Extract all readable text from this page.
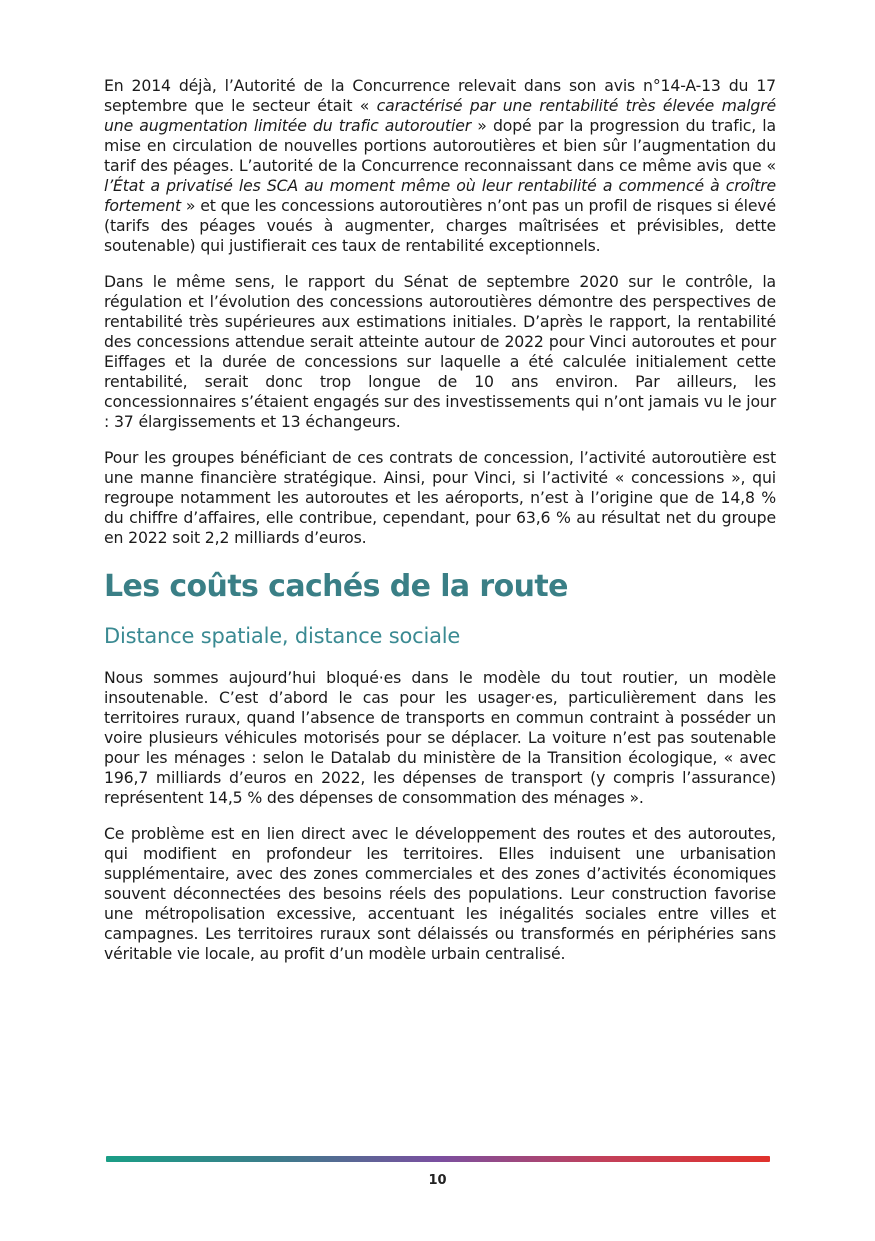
En 2014 déjà, l’Autorité de la Concurrence relevait dans son avis n°14-A-13 du 17 septembre que le secteur était « caractérisé par une rentabilité très élevée malgré une augmentation limitée du trafic autoroutier » dopé par la progression du trafic, la mise en circulation de nouvelles portions autoroutières et bien sûr l’augmentation du tarif des péages. L’autorité de la Concurrence reconnaissant dans ce même avis que « l’État a privatisé les SCA au moment même où leur rentabilité a commencé à croître fortement » et que les concessions autoroutières n’ont pas un profil de risques si élevé (tarifs des péages voués à augmenter, charges maîtrisées et prévisibles, dette soutenable) qui justifierait ces taux de rentabilité exceptionnels.

Dans le même sens, le rapport du Sénat de septembre 2020 sur le contrôle, la régulation et l’évolution des concessions autoroutières démontre des perspectives de rentabilité très supérieures aux estimations initiales. D’après le rapport, la rentabilité des concessions attendue serait atteinte autour de 2022 pour Vinci autoroutes et pour Eiffages et la durée de concessions sur laquelle a été calculée initialement cette rentabilité, serait donc trop longue de 10 ans environ. Par ailleurs, les concessionnaires s’étaient engagés sur des investissements qui n’ont jamais vu le jour : 37 élargissements et 13 échangeurs.

Pour les groupes bénéficiant de ces contrats de concession, l’activité autoroutière est une manne financière stratégique. Ainsi, pour Vinci, si l’activité « concessions », qui regroupe notamment les autoroutes et les aéroports, n’est à l’origine que de 14,8 % du chiffre d’affaires, elle contribue, cependant, pour 63,6 % au résultat net du groupe en 2022 soit 2,2 milliards d’euros.

Les coûts cachés de la route
Distance spatiale, distance sociale

Nous sommes aujourd’hui bloqué·es dans le modèle du tout routier, un modèle insoutenable. C’est d’abord le cas pour les usager·es, particulièrement dans les territoires ruraux, quand l’absence de transports en commun contraint à posséder un voire plusieurs véhicules motorisés pour se déplacer. La voiture n’est pas soutenable pour les ménages : selon le Datalab du ministère de la Transition écologique, « avec 196,7 milliards d’euros en 2022, les dépenses de transport (y compris l’assurance) représentent 14,5 % des dépenses de consommation des ménages ».

Ce problème est en lien direct avec le développement des routes et des autoroutes, qui modifient en profondeur les territoires. Elles induisent une urbanisation supplémentaire, avec des zones commerciales et des zones d’activités économiques souvent déconnectées des besoins réels des populations. Leur construction favorise une métropolisation excessive, accentuant les inégalités sociales entre villes et campagnes. Les territoires ruraux sont délaissés ou transformés en périphéries sans véritable vie locale, au profit d’un modèle urbain centralisé.

10
